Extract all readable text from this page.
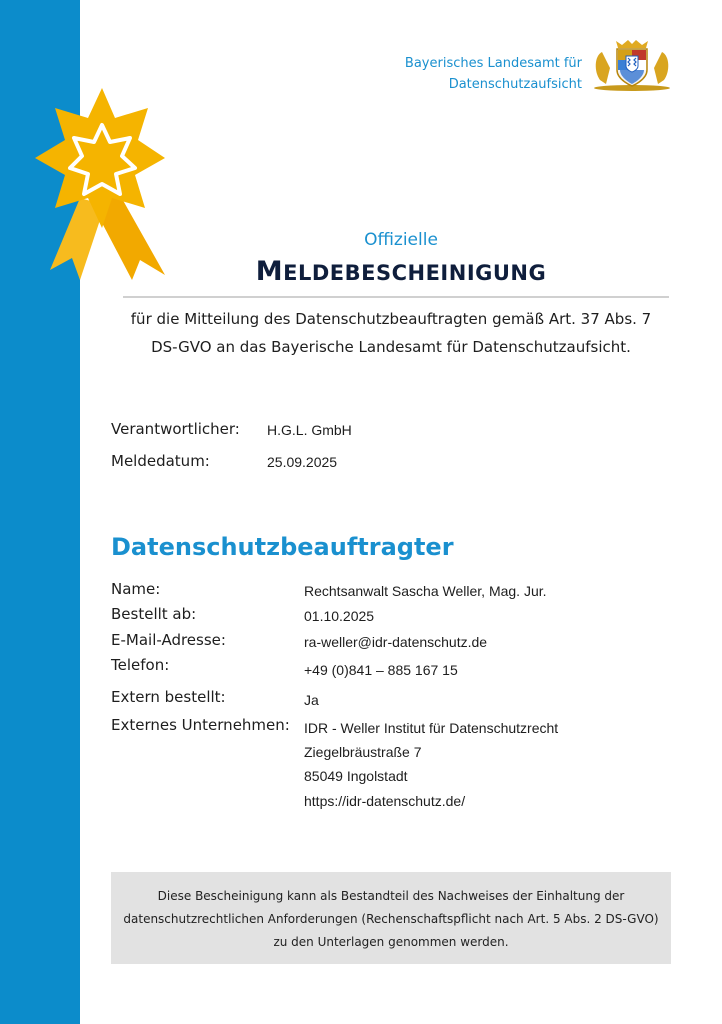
Bayerisches Landesamt für
Datenschutzaufsicht
Offizielle
MELDEBESCHEINIGUNG
für die Mitteilung des Datenschutzbeauftragten gemäß Art. 37 Abs. 7
DS-GVO an das Bayerische Landesamt für Datenschutzaufsicht.
Verantwortlicher: H.G.L. GmbH
Meldedatum:	25.09.2025
Datenschutzbeauftragter
Name:	Rechtsanwalt Sascha Weller, Mag. Jur.
Bestellt ab:	01.10.2025
E-Mail-Adresse:	ra-weller@idr-datenschutz.de
Telefon:	+49 (0)841 – 885 167 15
Extern bestellt:	Ja
Externes Unternehmen: IDR - Weller Institut für Datenschutzrecht
Ziegelbräustraße 7
85049 Ingolstadt
https://idr-datenschutz.de/
Diese Bescheinigung kann als Bestandteil des Nachweises der Einhaltung der
datenschutzrechtlichen Anforderungen (Rechenschaftspflicht nach Art. 5 Abs. 2 DS-GVO)
zu den Unterlagen genommen werden.
